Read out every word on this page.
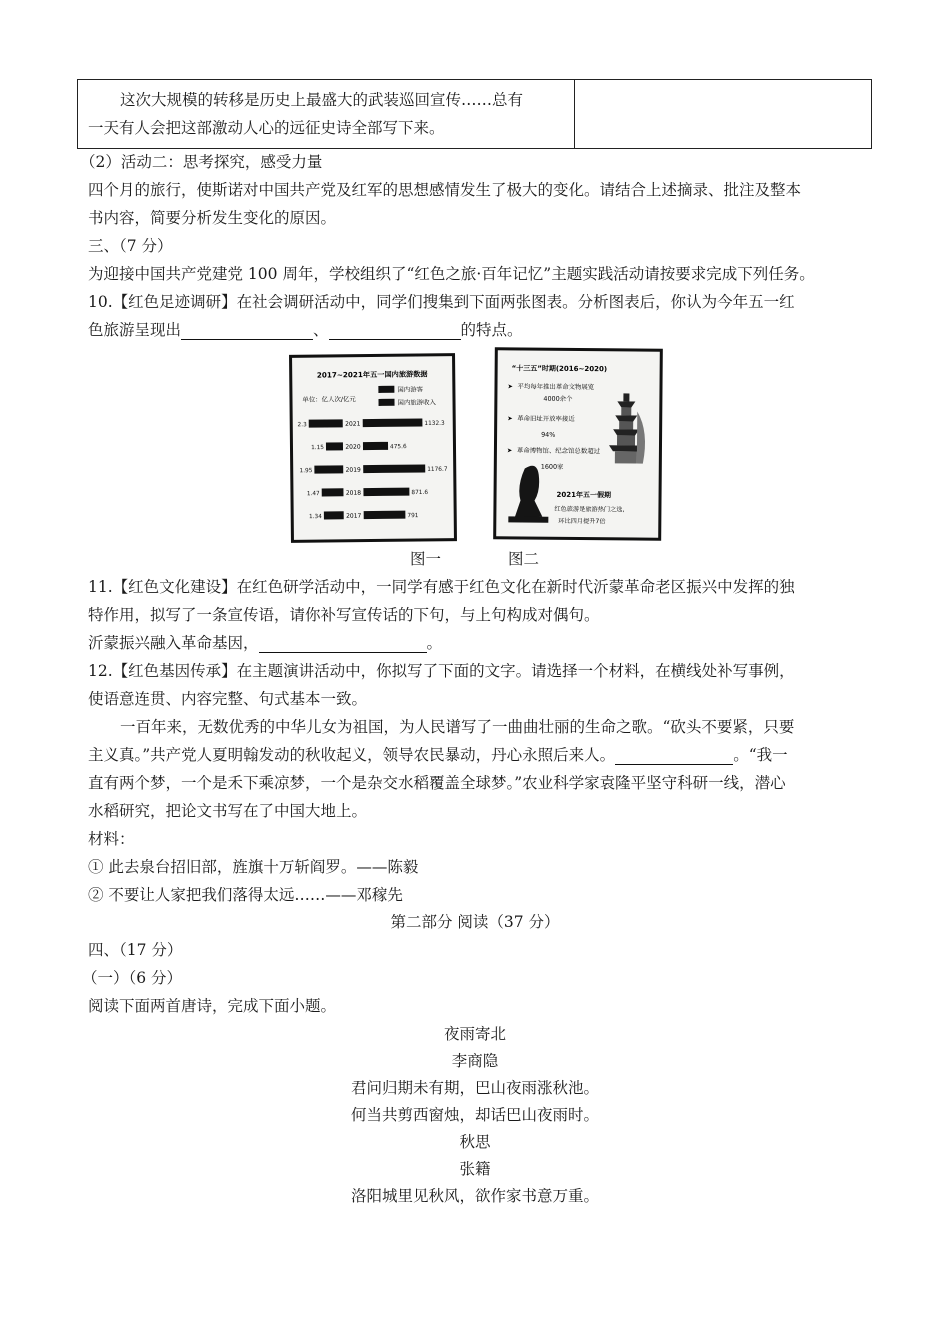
这次大规模的转移是历史上最盛大的武装巡回宣传……总有
一天有人会把这部激动人心的远征史诗全部写下来。

（2）活动二：思考探究，感受力量
四个月的旅行，使斯诺对中国共产党及红军的思想感情发生了极大的变化。请结合上述摘录、批注及整本
书内容，简要分析发生变化的原因。
三、（7 分）
为迎接中国共产党建党 100 周年，学校组织了“红色之旅·百年记忆”主题实践活动请按要求完成下列任务。
10.【红色足迹调研】在社会调研活动中，同学们搜集到下面两张图表。分析图表后，你认为今年五一红
色旅游呈现出	、	的特点。
2017~2021年五一国内旅游数据
国内游客
单位：亿人次/亿元	国内旅游收入
2021
2.3	1132.3
2020
1.15	475.6
2019
1.95	1176.7
2018
1.47	871.6
2017
1.34	791
图一
“十三五”时期(2016~2020)
➤ 平均每年推出革命文物展览
4000余个
➤ 革命旧址开放率接近
94%
➤ 革命博物馆、纪念馆总数超过
1600家
2021年五一假期
红色旅游是旅游热门之选,
环比四月提升7倍
图二
11.【红色文化建设】在红色研学活动中，一同学有感于红色文化在新时代沂蒙革命老区振兴中发挥的独
特作用，拟写了一条宣传语，请你补写宣传话的下句，与上句构成对偶句。
沂蒙振兴融入革命基因，	。
12.【红色基因传承】在主题演讲活动中，你拟写了下面的文字。请选择一个材料，在横线处补写事例，
使语意连贯、内容完整、句式基本一致。
一百年来，无数优秀的中华儿女为祖国，为人民谱写了一曲曲壮丽的生命之歌。“砍头不要紧，只要
主义真。”共产党人夏明翰发动的秋收起义，领导农民暴动，丹心永照后来人。	。“我一
直有两个梦，一个是禾下乘凉梦，一个是杂交水稻覆盖全球梦。”农业科学家袁隆平坚守科研一线，潜心
水稻研究，把论文书写在了中国大地上。
材料：
① 此去泉台招旧部，旌旗十万斩阎罗。——陈毅
② 不要让人家把我们落得太远……——邓稼先
第二部分 阅读（37 分）
四、（17 分）
（一）（6 分）
阅读下面两首唐诗，完成下面小题。
夜雨寄北
李商隐
君问归期未有期，巴山夜雨涨秋池。
何当共剪西窗烛，却话巴山夜雨时。
秋思
张籍
洛阳城里见秋风，欲作家书意万重。
